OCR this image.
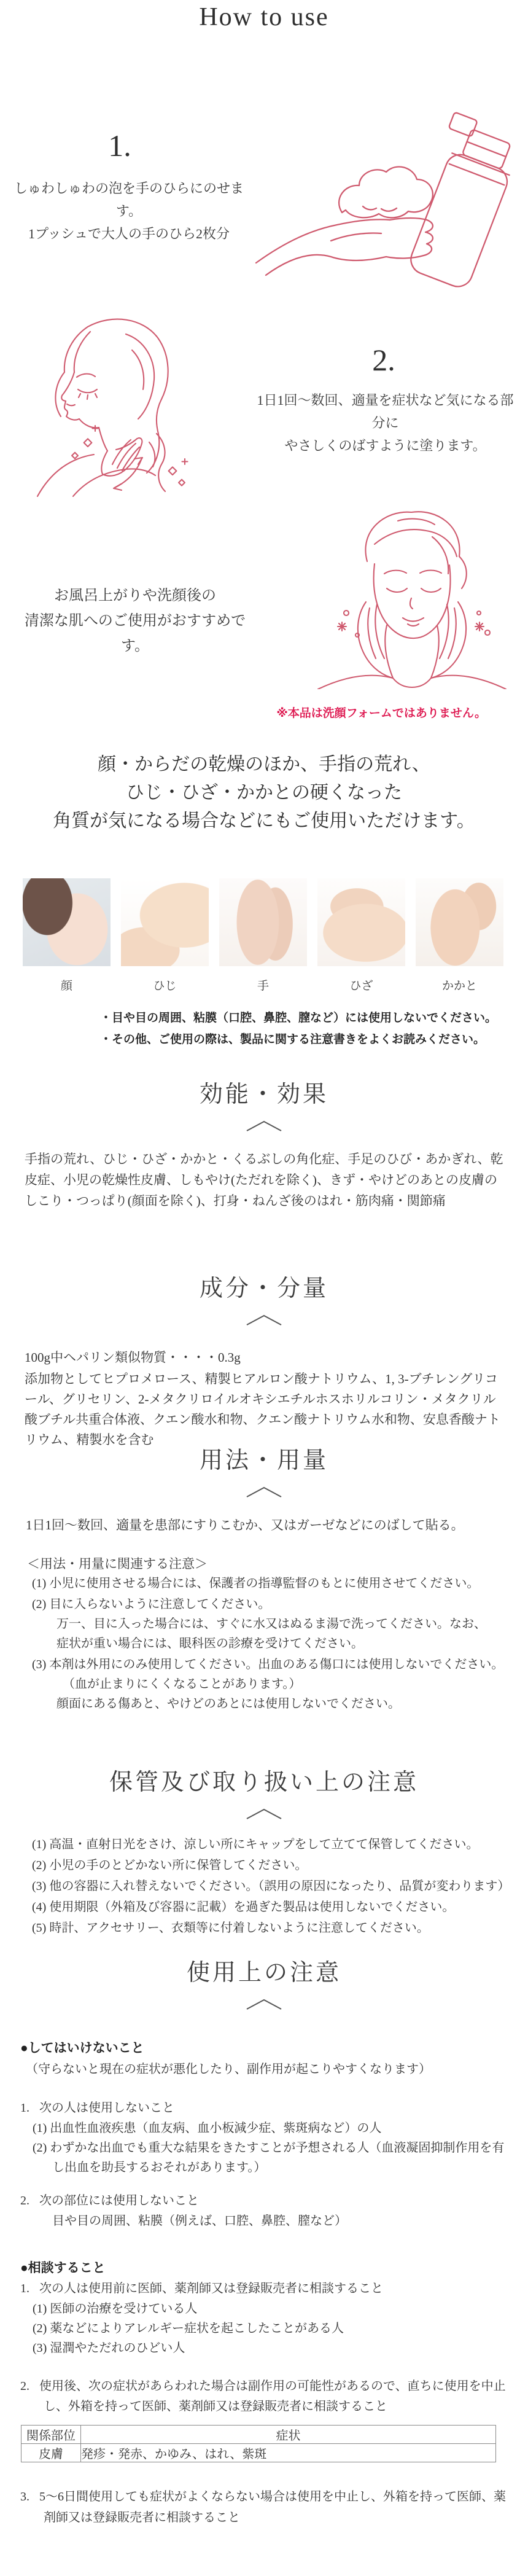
How to use
1.
しゅわしゅわの泡を手のひらにのせます。
1プッシュで大人の手のひら2枚分
2.
1日1回～数回、適量を症状など気になる部分に
やさしくのばすように塗ります。
お風呂上がりや洗顔後の
清潔な肌へのご使用がおすすめです。
※本品は洗顔フォームではありません。
顔・からだの乾燥のほか、手指の荒れ、
ひじ・ひざ・かかとの硬くなった
角質が気になる場合などにもご使用いただけます。
顔	ひじ	手	ひざ	かかと
・目や目の周囲、粘膜（口腔、鼻腔、膣など）には使用しないでください。
・その他、ご使用の際は、製品に関する注意書きをよくお読みください。
効能・効果

手指の荒れ、ひじ・ひざ・かかと・くるぶしの角化症、手足のひび・あかぎれ、乾皮症、小児の乾燥性皮膚、しもやけ(ただれを除く)、きず・やけどのあとの皮膚のしこり・つっぱり(顔面を除く)、打身・ねんざ後のはれ・筋肉痛・関節痛

成分・分量
100g中ヘパリン類似物質・・・・0.3g

添加物としてヒプロメロース、精製ヒアルロン酸ナトリウム、1, 3-ブチレングリコール、グリセリン、2-メタクリロイルオキシエチルホスホリルコリン・メタクリル酸ブチル共重合体液、クエン酸水和物、クエン酸ナトリウム水和物、安息香酸ナトリウム、精製水を含む

用法・用量

1日1回～数回、適量を患部にすりこむか、又はガーゼなどにのばして貼る。

＜用法・用量に関連する注意＞
(1) 小児に使用させる場合には、保護者の指導監督のもとに使用させてください。
(2) 目に入らないように注意してください。
万一、目に入った場合には、すぐに水又はぬるま湯で洗ってください。なお、症状が重い場合には、眼科医の診療を受けてください。
(3) 本剤は外用にのみ使用してください。出血のある傷口には使用しないでください。
（血が止まりにくくなることがあります。）
顔面にある傷あと、やけどのあとには使用しないでください。
保管及び取り扱い上の注意
(1) 高温・直射日光をさけ、涼しい所にキャップをして立てて保管してください。
(2) 小児の手のとどかない所に保管してください。
(3) 他の容器に入れ替えないでください。（誤用の原因になったり、品質が変わります）
(4) 使用期限（外箱及び容器に記載）を過ぎた製品は使用しないでください。
(5) 時計、アクセサリー、衣類等に付着しないように注意してください。
使用上の注意
●してはいけないこと
（守らないと現在の症状が悪化したり、副作用が起こりやすくなります）
1. 次の人は使用しないこと
(1) 出血性血液疾患（血友病、血小板減少症、紫斑病など）の人
(2) わずかな出血でも重大な結果をきたすことが予想される人（血液凝固抑制作用を有し出血を助長するおそれがあります。）
2. 次の部位には使用しないこと
目や目の周囲、粘膜（例えば、口腔、鼻腔、膣など）
●相談すること
1. 次の人は使用前に医師、薬剤師又は登録販売者に相談すること
(1) 医師の治療を受けている人
(2) 薬などによりアレルギー症状を起こしたことがある人
(3) 湿潤やただれのひどい人
2. 使用後、次の症状があらわれた場合は副作用の可能性があるので、直ちに使用を中止し、外箱を持って医師、薬剤師又は登録販売者に相談すること
関係部位	症状
皮膚	発疹・発赤、かゆみ、はれ、紫斑
3. 5～6日間使用しても症状がよくならない場合は使用を中止し、外箱を持って医師、薬剤師又は登録販売者に相談すること
